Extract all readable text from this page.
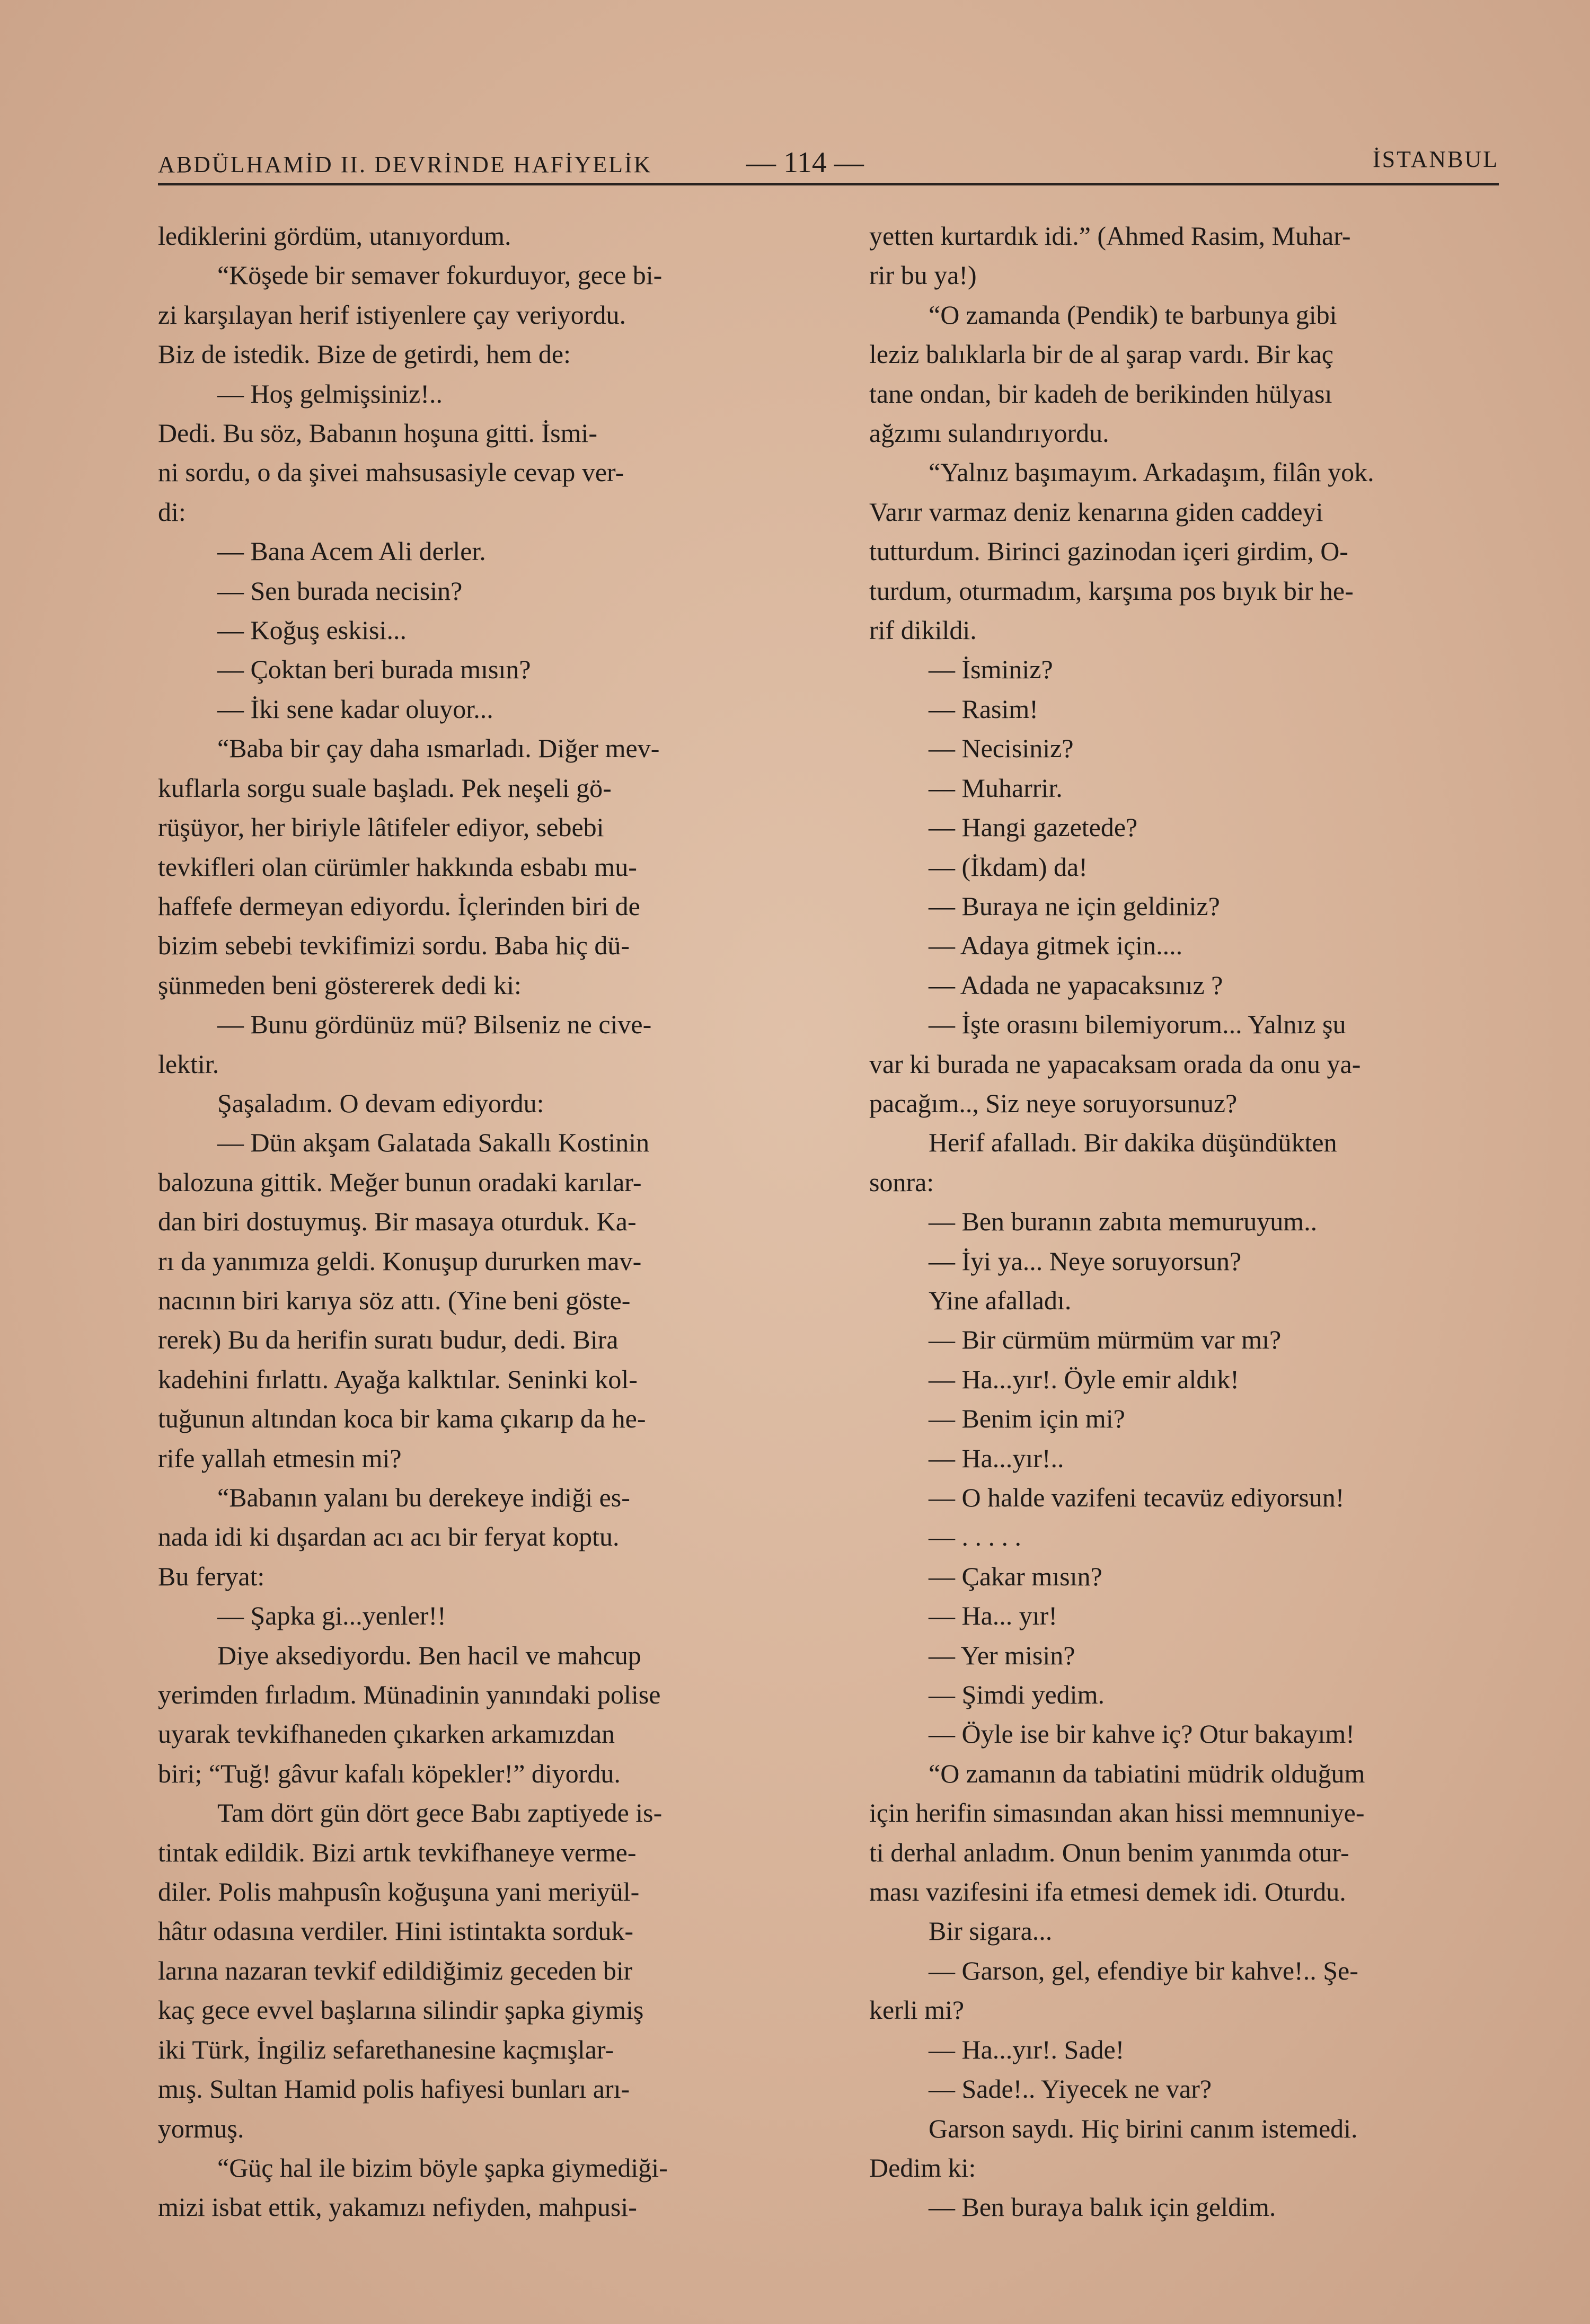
ABDÜLHAMİD II. DEVRİNDE HAFİYELİK	— 114 —	İSTANBUL

lediklerini gördüm, utanıyordum.

“Köşede bir semaver fokurduyor, gece bi-

zi karşılayan herif istiyenlere çay veriyordu.

Biz de istedik. Bize de getirdi, hem de:

— Hoş gelmişsiniz!..

Dedi. Bu söz, Babanın hoşuna gitti. İsmi-

ni sordu, o da şivei mahsusasiyle cevap ver-

di:

— Bana Acem Ali derler.

— Sen burada necisin?

— Koğuş eskisi...

— Çoktan beri burada mısın?

— İki sene kadar oluyor...

“Baba bir çay daha ısmarladı. Diğer mev-

kuflarla sorgu suale başladı. Pek neşeli gö-

rüşüyor, her biriyle lâtifeler ediyor, sebebi

tevkifleri olan cürümler hakkında esbabı mu-

haffefe dermeyan ediyordu. İçlerinden biri de

bizim sebebi tevkifimizi sordu. Baba hiç dü-

şünmeden beni göstererek dedi ki:

— Bunu gördünüz mü? Bilseniz ne cive-

lektir.

Şaşaladım. O devam ediyordu:

— Dün akşam Galatada Sakallı Kostinin

balozuna gittik. Meğer bunun oradaki karılar-

dan biri dostuymuş. Bir masaya oturduk. Ka-

rı da yanımıza geldi. Konuşup dururken mav-

nacının biri karıya söz attı. (Yine beni göste-

rerek) Bu da herifin suratı budur, dedi. Bira

kadehini fırlattı. Ayağa kalktılar. Seninki kol-

tuğunun altından koca bir kama çıkarıp da he-

rife yallah etmesin mi?

“Babanın yalanı bu derekeye indiği es-

nada idi ki dışardan acı acı bir feryat koptu.

Bu feryat:

— Şapka gi...yenler!!

Diye aksediyordu. Ben hacil ve mahcup

yerimden fırladım. Münadinin yanındaki polise

uyarak tevkifhaneden çıkarken arkamızdan

biri; “Tuğ! gâvur kafalı köpekler!” diyordu.

Tam dört gün dört gece Babı zaptiyede is-

tintak edildik. Bizi artık tevkifhaneye verme-

diler. Polis mahpusîn koğuşuna yani meriyül-

hâtır odasına verdiler. Hini istintakta sorduk-

larına nazaran tevkif edildiğimiz geceden bir

kaç gece evvel başlarına silindir şapka giymiş

iki Türk, İngiliz sefarethanesine kaçmışlar-

mış. Sultan Hamid polis hafiyesi bunları arı-

yormuş.

“Güç hal ile bizim böyle şapka giymediği-

mizi isbat ettik, yakamızı nefiyden, mahpusi-

yetten kurtardık idi.” (Ahmed Rasim, Muhar-

rir bu ya!)

“O zamanda (Pendik) te barbunya gibi

leziz balıklarla bir de al şarap vardı. Bir kaç

tane ondan, bir kadeh de berikinden hülyası

ağzımı sulandırıyordu.

“Yalnız başımayım. Arkadaşım, filân yok.

Varır varmaz deniz kenarına giden caddeyi

tutturdum. Birinci gazinodan içeri girdim, O-

turdum, oturmadım, karşıma pos bıyık bir he-

rif dikildi.

— İsminiz?

— Rasim!

— Necisiniz?

— Muharrir.

— Hangi gazetede?

— (İkdam) da!

— Buraya ne için geldiniz?

— Adaya gitmek için....

— Adada ne yapacaksınız ?

— İşte orasını bilemiyorum... Yalnız şu

var ki burada ne yapacaksam orada da onu ya-

pacağım.., Siz neye soruyorsunuz?

Herif afalladı. Bir dakika düşündükten

sonra:

— Ben buranın zabıta memuruyum..

— İyi ya... Neye soruyorsun?

Yine afalladı.

— Bir cürmüm mürmüm var mı?

— Ha...yır!. Öyle emir aldık!

— Benim için mi?

— Ha...yır!..

— O halde vazifeni tecavüz ediyorsun!

— . . . . .

— Çakar mısın?

— Ha... yır!

— Yer misin?

— Şimdi yedim.

— Öyle ise bir kahve iç? Otur bakayım!

“O zamanın da tabiatini müdrik olduğum

için herifin simasından akan hissi memnuniye-

ti derhal anladım. Onun benim yanımda otur-

ması vazifesini ifa etmesi demek idi. Oturdu.

Bir sigara...

— Garson, gel, efendiye bir kahve!.. Şe-

kerli mi?

— Ha...yır!. Sade!

— Sade!.. Yiyecek ne var?

Garson saydı. Hiç birini canım istemedi.

Dedim ki:

— Ben buraya balık için geldim.
